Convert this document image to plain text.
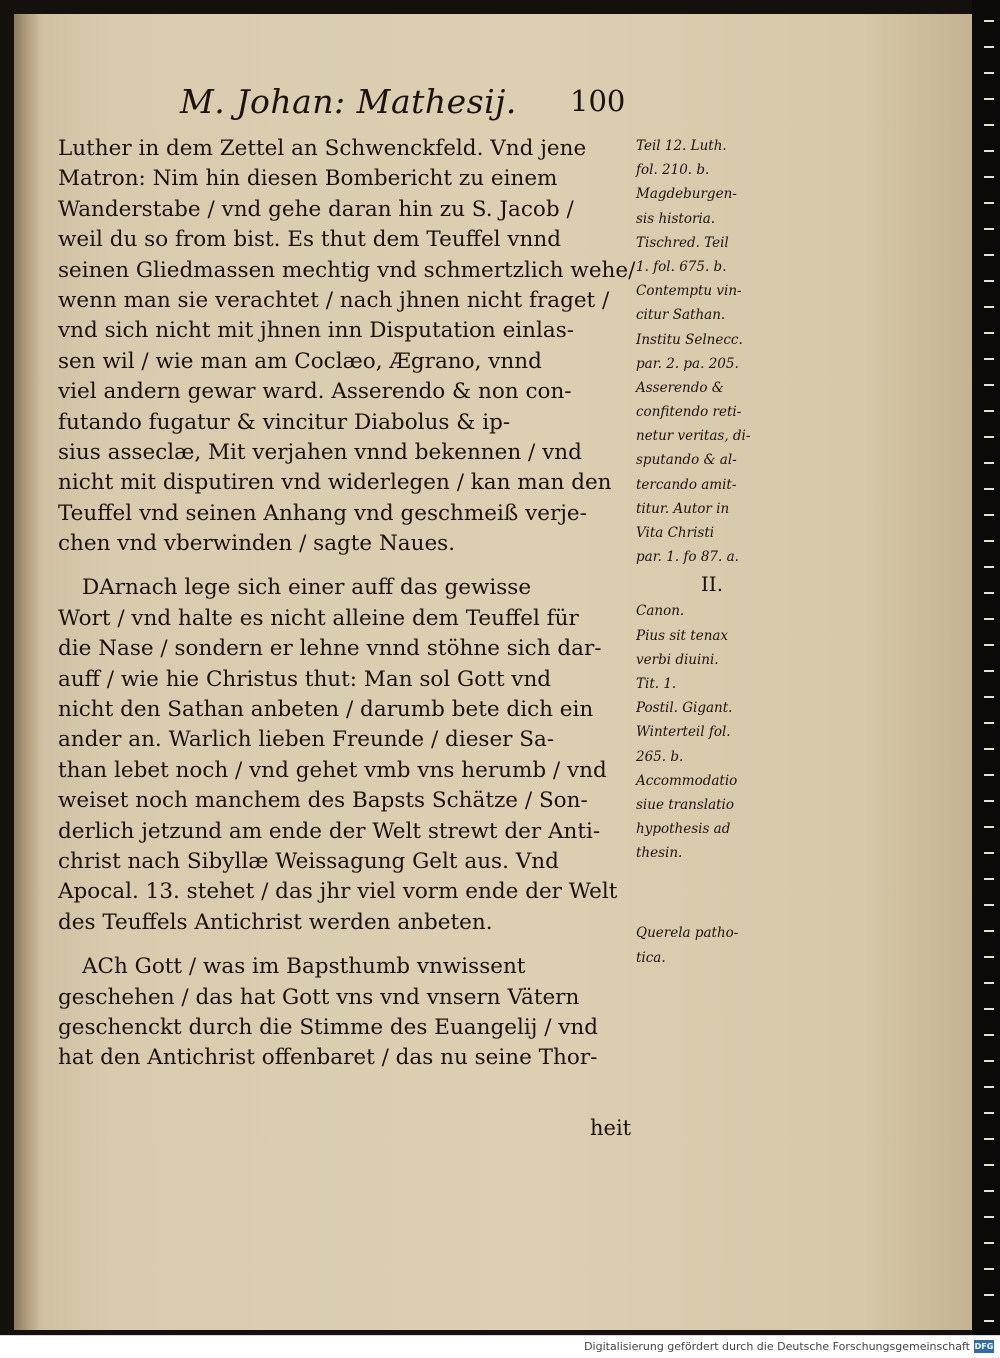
M. Johan: Mathesij. 100
Luther in dem Zettel an Schwenckfeld. Vnd jene
Matron: Nim hin diesen Bombericht zu einem
Wanderstabe / vnd gehe daran hin zu S. Jacob /
weil du so from bist. Es thut dem Teuffel vnnd
seinen Gliedmassen mechtig vnd schmertzlich wehe/
wenn man sie verachtet / nach jhnen nicht fraget /
vnd sich nicht mit jhnen inn Disputation einlas-
sen wil / wie man am Coclæo, Ægrano, vnnd
viel andern gewar ward. Asserendo & non con-
futando fugatur & vincitur Diabolus & ip-
sius asseclæ, Mit verjahen vnnd bekennen / vnd
nicht mit disputiren vnd widerlegen / kan man den
Teuffel vnd seinen Anhang vnd geschmeiß verje-
chen vnd vberwinden / sagte Naues.
DArnach lege sich einer auff das gewisse
Wort / vnd halte es nicht alleine dem Teuffel für
die Nase / sondern er lehne vnnd stöhne sich dar-
auff / wie hie Christus thut: Man sol Gott vnd
nicht den Sathan anbeten / darumb bete dich ein
ander an. Warlich lieben Freunde / dieser Sa-
than lebet noch / vnd gehet vmb vns herumb / vnd
weiset noch manchem des Bapsts Schätze / Son-
derlich jetzund am ende der Welt strewt der Anti-
christ nach Sibyllæ Weissagung Gelt aus. Vnd
Apocal. 13. stehet / das jhr viel vorm ende der Welt
des Teuffels Antichrist werden anbeten.
ACh Gott / was im Bapsthumb vnwissent
geschehen / das hat Gott vns vnd vnsern Vätern
geschenckt durch die Stimme des Euangelij / vnd
hat den Antichrist offenbaret / das nu seine Thor-
heit
Teil 12. Luth.
fol. 210. b.
Magdeburgen-
sis historia.
Tischred. Teil
1. fol. 675. b.
Contemptu vin-
citur Sathan.
Institu Selnecc.
par. 2. pa. 205.
Asserendo &
confitendo reti-
netur veritas, di-
sputando & al-
tercando amit-
titur. Autor in
Vita Christi
par. 1. fo 87. a.
II.
Canon.
Pius sit tenax
verbi diuini.
Tit. 1.
Postil. Gigant.
Winterteil fol.
265. b.
Accommodatio
siue translatio
hypothesis ad
thesin.
Querela patho-
tica.
Digitalisierung gefördert durch die Deutsche Forschungsgemeinschaft DFG
